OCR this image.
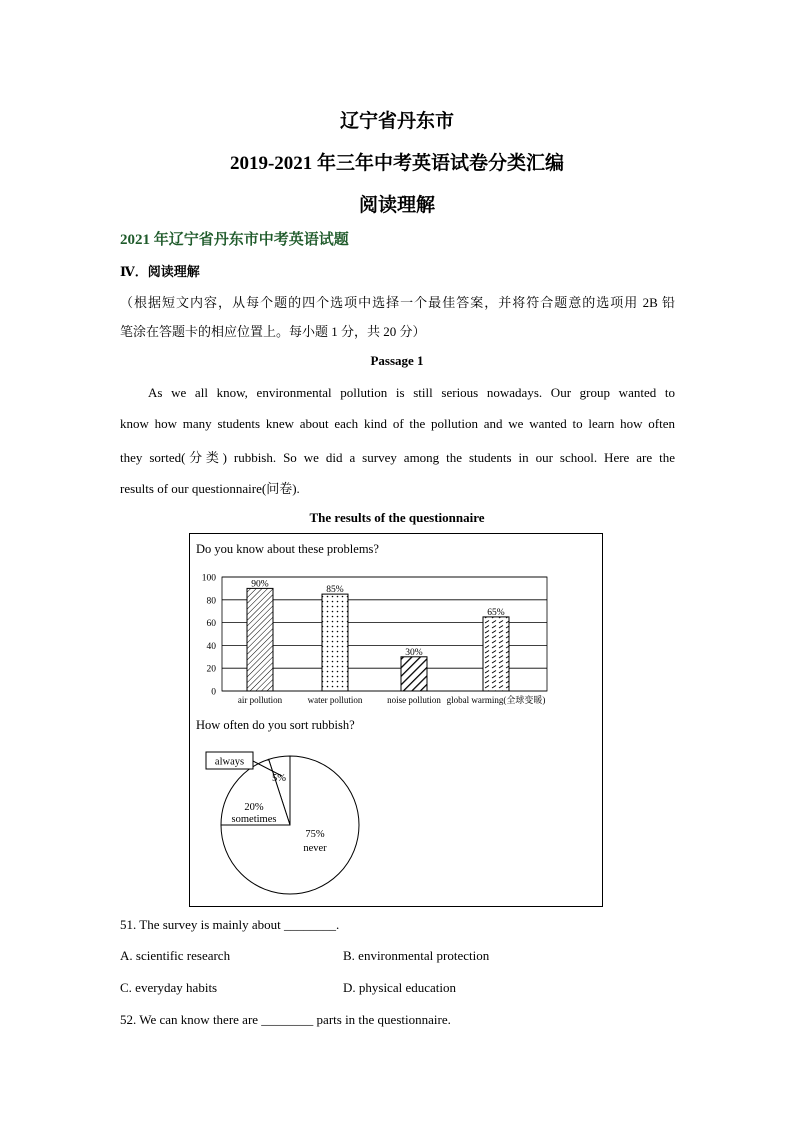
辽宁省丹东市
2019-2021 年三年中考英语试卷分类汇编
阅读理解
2021 年辽宁省丹东市中考英语试题
Ⅳ．阅读理解
（根据短文内容，从每个题的四个选项中选择一个最佳答案，并将符合题意的选项用 2B 铅
笔涂在答题卡的相应位置上。每小题 1 分，共 20 分）
Passage 1
As we all know, environmental pollution is still serious nowadays. Our group wanted to
know how many students knew about each kind of the pollution and we wanted to learn how often
they sorted(分类) rubbish. So we did a survey among the students in our school. Here are the
results of our questionnaire(问卷).
The results of the questionnaire
Do you know about these problems?
How often do you sort rubbish?
0
20
40
60
80
100
90%
air pollution
85%
water pollution
30%
noise pollution
65%
global warming(全球变暖)
5%
always
20%
sometimes
75%
never
51. The survey is mainly about ________.
A. scientific research	B. environmental protection
C. everyday habits	D. physical education
52. We can know there are ________ parts in the questionnaire.
